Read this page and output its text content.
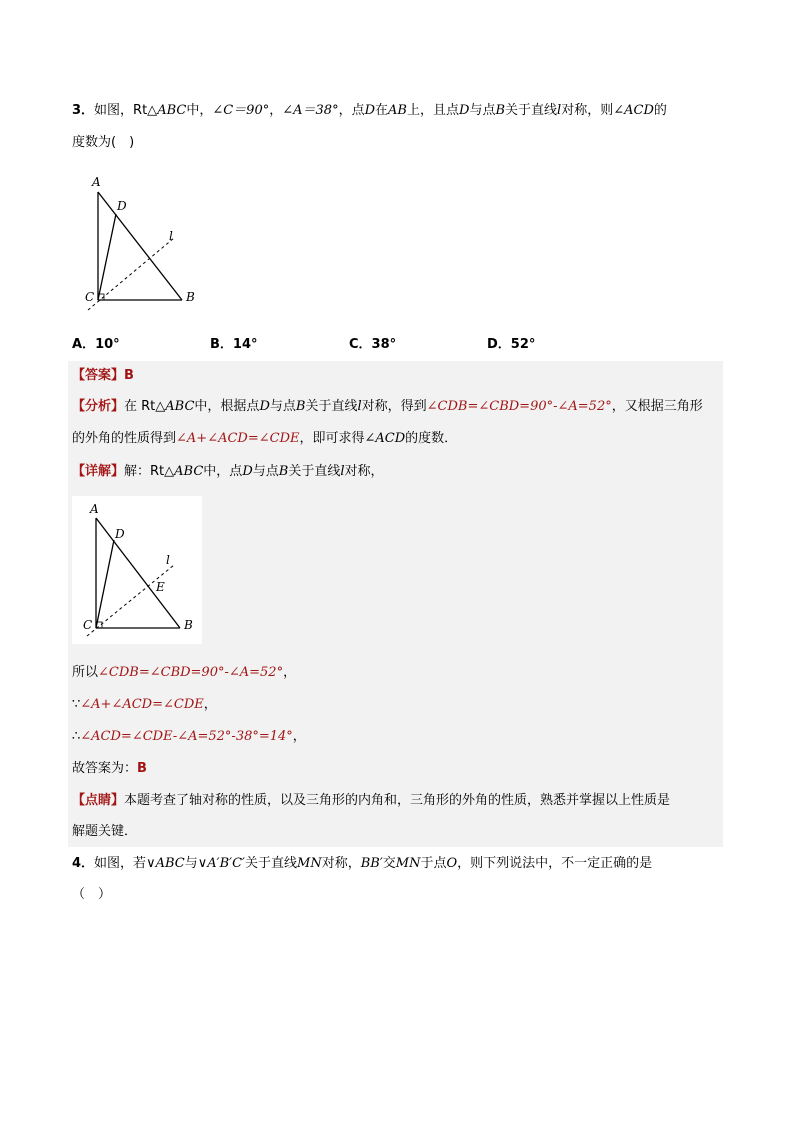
3．如图，Rt△ABC中，∠C＝90°，∠A＝38°，点D在AB上，且点D与点B关于直线l对称，则∠ACD的
度数为(　)
A
D
l
C	B
A．10°	B．14°	C．38°	D．52°
【答案】B
【分析】在 Rt△ABC中，根据点D与点B关于直线l对称，得到∠CDB=∠CBD=90°-∠A=52°，又根据三角形
的外角的性质得到∠A+∠ACD=∠CDE，即可求得∠ACD的度数．
【详解】解：Rt△ABC中，点D与点B关于直线l对称，
A
D
l
E
C	B
所以∠CDB=∠CBD=90°-∠A=52°，
∵∠A+∠ACD=∠CDE，
∴∠ACD=∠CDE-∠A=52°-38°=14°，
故答案为：B
【点睛】本题考查了轴对称的性质，以及三角形的内角和，三角形的外角的性质，熟悉并掌握以上性质是
解题关键．
4．如图，若∨ABC与∨A′B′C′关于直线MN对称，BB′交MN于点O，则下列说法中，不一定正确的是
（　）
